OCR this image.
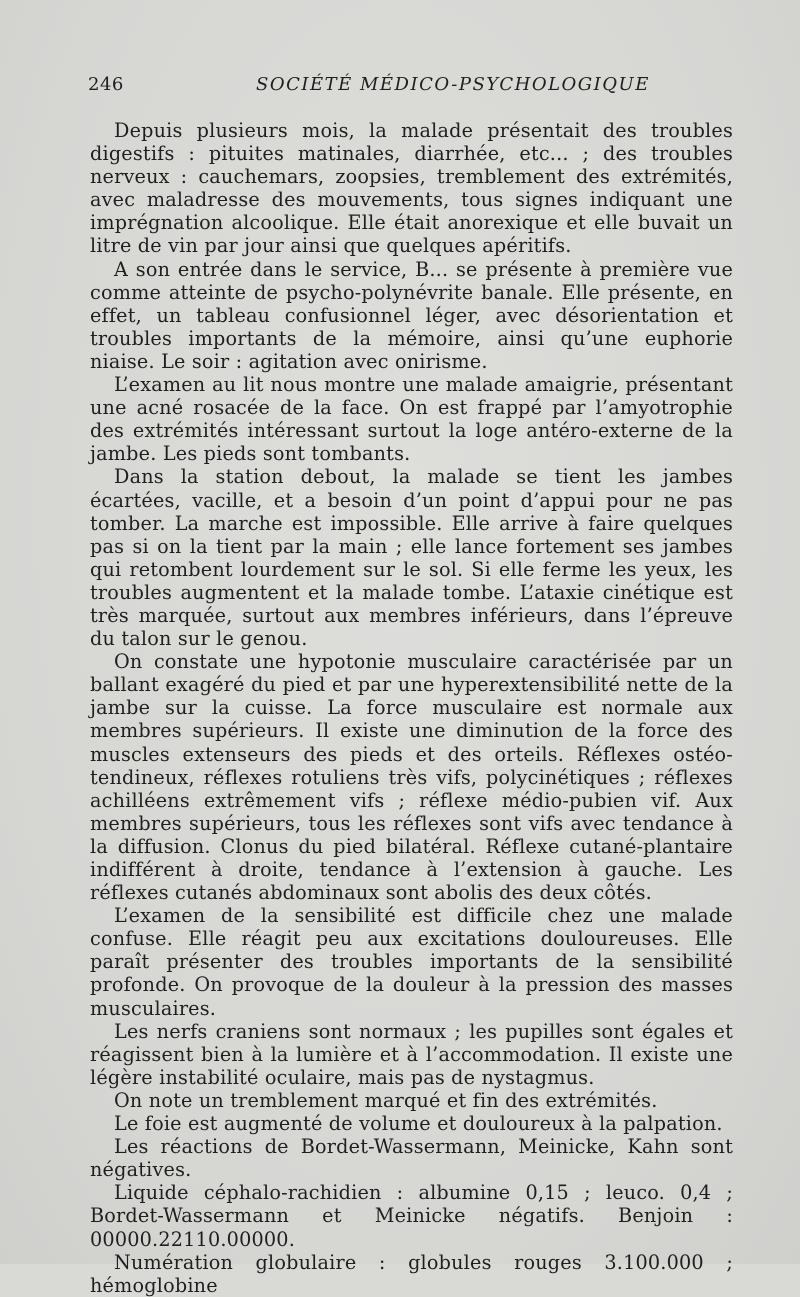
246	SOCIÉTÉ MÉDICO-PSYCHOLOGIQUE

Depuis plusieurs mois, la malade présentait des troubles digestifs : pituites matinales, diarrhée, etc... ; des troubles nerveux : cauchemars, zoopsies, tremblement des extrémités, avec maladresse des mouvements, tous signes indiquant une imprégnation alcoolique. Elle était anorexique et elle buvait un litre de vin par jour ainsi que quelques apéritifs.

A son entrée dans le service, B... se présente à première vue comme atteinte de psycho-polynévrite banale. Elle présente, en effet, un tableau confusionnel léger, avec désorientation et troubles importants de la mémoire, ainsi qu’une euphorie niaise. Le soir : agitation avec onirisme.

L’examen au lit nous montre une malade amaigrie, présentant une acné rosacée de la face. On est frappé par l’amyotrophie des extrémités intéressant surtout la loge antéro-externe de la jambe. Les pieds sont tombants.

Dans la station debout, la malade se tient les jambes écartées, vacille, et a besoin d’un point d’appui pour ne pas tomber. La marche est impossible. Elle arrive à faire quelques pas si on la tient par la main ; elle lance fortement ses jambes qui retombent lourdement sur le sol. Si elle ferme les yeux, les troubles augmentent et la malade tombe. L’ataxie cinétique est très marquée, surtout aux membres inférieurs, dans l’épreuve du talon sur le genou.

On constate une hypotonie musculaire caractérisée par un ballant exagéré du pied et par une hyperextensibilité nette de la jambe sur la cuisse. La force musculaire est normale aux membres supérieurs. Il existe une diminution de la force des muscles extenseurs des pieds et des orteils. Réflexes ostéo-tendineux, réflexes rotuliens très vifs, polycinétiques ; réflexes achilléens extrêmement vifs ; réflexe médio-pubien vif. Aux membres supérieurs, tous les réflexes sont vifs avec tendance à la diffusion. Clonus du pied bilatéral. Réflexe cutané-plantaire indifférent à droite, tendance à l’extension à gauche. Les réflexes cutanés abdominaux sont abolis des deux côtés.

L’examen de la sensibilité est difficile chez une malade confuse. Elle réagit peu aux excitations douloureuses. Elle paraît présenter des troubles importants de la sensibilité profonde. On provoque de la douleur à la pression des masses musculaires.

Les nerfs craniens sont normaux ; les pupilles sont égales et réagissent bien à la lumière et à l’accommodation. Il existe une légère instabilité oculaire, mais pas de nystagmus.

On note un tremblement marqué et fin des extrémités.

Le foie est augmenté de volume et douloureux à la palpation.

Les réactions de Bordet-Wassermann, Meinicke, Kahn sont négatives.

Liquide céphalo-rachidien : albumine 0,15 ; leuco. 0,4 ; Bordet-Wassermann et Meinicke négatifs. Benjoin : 00000.22110.00000.

Numération globulaire : globules rouges 3.100.000 ; hémoglobine
